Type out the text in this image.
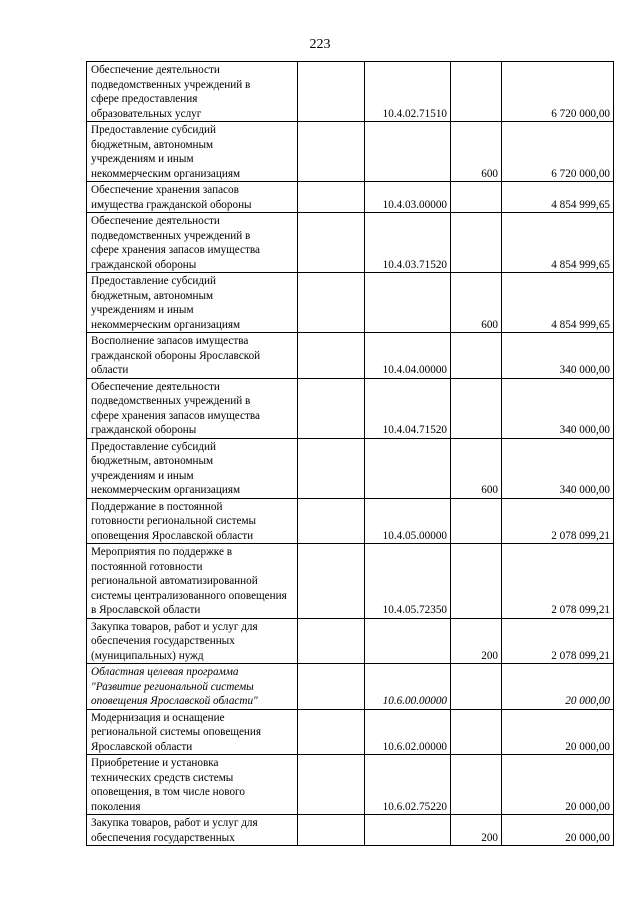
223
Обеспечение деятельности
подведомственных учреждений в
сфере предоставления
образовательных услуг		10.4.02.71510		6 720 000,00
Предоставление субсидий
бюджетным, автономным
учреждениям и иным
некоммерческим организациям			600	6 720 000,00
Обеспечение хранения запасов
имущества гражданской обороны		10.4.03.00000		4 854 999,65
Обеспечение деятельности
подведомственных учреждений в
сфере хранения запасов имущества
гражданской обороны		10.4.03.71520		4 854 999,65
Предоставление субсидий
бюджетным, автономным
учреждениям и иным
некоммерческим организациям			600	4 854 999,65
Восполнение запасов имущества
гражданской обороны Ярославской
области		10.4.04.00000		340 000,00
Обеспечение деятельности
подведомственных учреждений в
сфере хранения запасов имущества
гражданской обороны		10.4.04.71520		340 000,00
Предоставление субсидий
бюджетным, автономным
учреждениям и иным
некоммерческим организациям			600	340 000,00
Поддержание в постоянной
готовности региональной системы
оповещения Ярославской области		10.4.05.00000		2 078 099,21
Мероприятия по поддержке в
постоянной готовности
региональной автоматизированной
системы централизованного оповещения
в Ярославской области		10.4.05.72350		2 078 099,21
Закупка товаров, работ и услуг для
обеспечения государственных
(муниципальных) нужд			200	2 078 099,21
Областная целевая программа
"Развитие региональной системы
оповещения Ярославской области"		10.6.00.00000		20 000,00
Модернизация и оснащение
региональной системы оповещения
Ярославской области		10.6.02.00000		20 000,00
Приобретение и установка
технических средств системы
оповещения, в том числе нового
поколения		10.6.02.75220		20 000,00
Закупка товаров, работ и услуг для
обеспечения государственных			200	20 000,00
